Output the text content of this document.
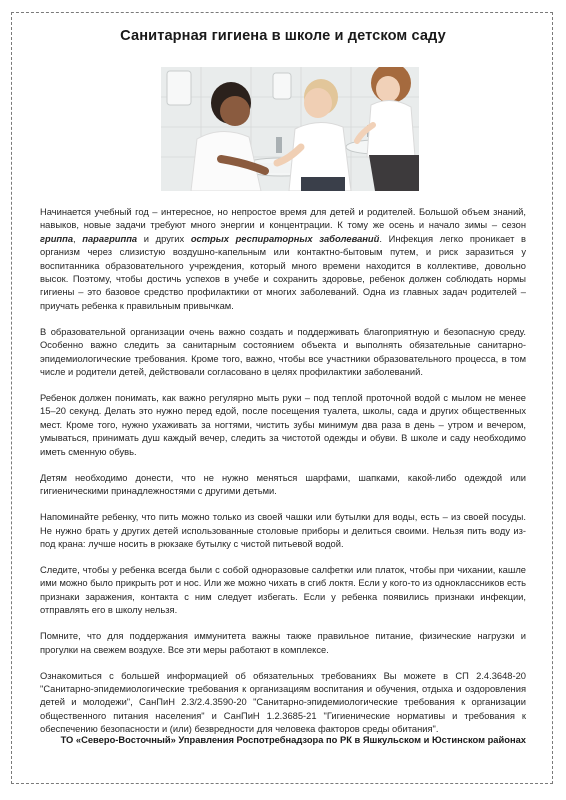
Санитарная гигиена в школе и детском саду

Начинается учебный год – интересное, но непростое время для детей и родителей. Большой объем знаний, навыков, новые задачи требуют много энергии и концентрации. К тому же осень и начало зимы – сезон гриппа, парагриппа и других острых респираторных заболеваний. Инфекция легко проникает в организм через слизистую воздушно-капельным или контактно-бытовым путем, и риск заразиться у воспитанника образовательного учреждения, который много времени находится в коллективе, довольно высок. Поэтому, чтобы достичь успехов в учебе и сохранить здоровье, ребенок должен соблюдать нормы гигиены – это базовое средство профилактики от многих заболеваний. Одна из главных задач родителей – приучать ребенка к правильным привычкам.

В образовательной организации очень важно создать и поддерживать благоприятную и безопасную среду. Особенно важно следить за санитарным состоянием объекта и выполнять обязательные санитарно-эпидемиологические требования. Кроме того, важно, чтобы все участники образовательного процесса, в том числе и родители детей, действовали согласовано в целях профилактики заболеваний.

Ребенок должен понимать, как важно регулярно мыть руки – под теплой проточной водой с мылом не менее 15–20 секунд. Делать это нужно перед едой, после посещения туалета, школы, сада и других общественных мест. Кроме того, нужно ухаживать за ногтями, чистить зубы минимум два раза в день – утром и вечером, умываться, принимать душ каждый вечер, следить за чистотой одежды и обуви. В школе и саду необходимо иметь сменную обувь.

Детям необходимо донести, что не нужно меняться шарфами, шапками, какой-либо одеждой или гигиеническими принадлежностями с другими детьми.

Напоминайте ребенку, что пить можно только из своей чашки или бутылки для воды, есть – из своей посуды. Не нужно брать у других детей использованные столовые приборы и делиться своими. Нельзя пить воду из-под крана: лучше носить в рюкзаке бутылку с чистой питьевой водой.

Следите, чтобы у ребенка всегда были с собой одноразовые салфетки или платок, чтобы при чихании, кашле ими можно было прикрыть рот и нос. Или же можно чихать в сгиб локтя. Если у кого-то из одноклассников есть признаки заражения, контакта с ним следует избегать. Если у ребенка появились признаки инфекции, отправлять его в школу нельзя.

Помните, что для поддержания иммунитета важны также правильное питание, физические нагрузки и прогулки на свежем воздухе. Все эти меры работают в комплексе.

Ознакомиться с большей информацией об обязательных требованиях Вы можете в СП 2.4.3648-20 "Санитарно-эпидемиологические требования к организациям воспитания и обучения, отдыха и оздоровления детей и молодежи", СанПиН 2.3/2.4.3590-20 "Санитарно-эпидемиологические требования к организации общественного питания населения" и СанПиН 1.2.3685-21 "Гигиенические нормативы и требования к обеспечению безопасности и (или) безвредности для человека факторов среды обитания".

ТО «Северо-Восточный» Управления Роспотребнадзора по РК в Яшкульском и Юстинском районах
